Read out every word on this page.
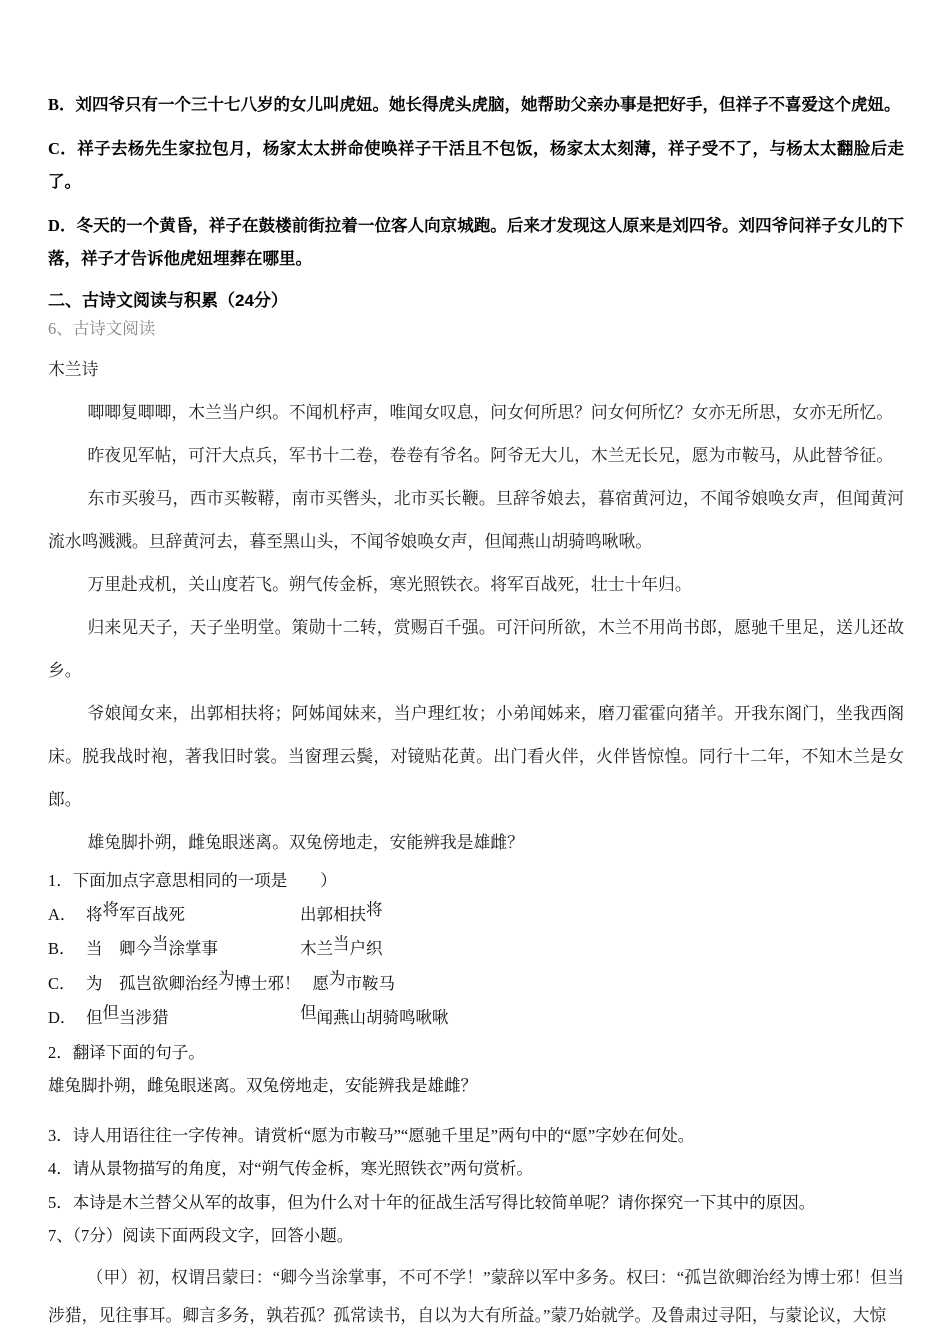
B．刘四爷只有一个三十七八岁的女儿叫虎妞。她长得虎头虎脑，她帮助父亲办事是把好手，但祥子不喜爱这个虎妞。

C．祥子去杨先生家拉包月，杨家太太拼命使唤祥子干活且不包饭，杨家太太刻薄，祥子受不了，与杨太太翻脸后走了。

D．冬天的一个黄昏，祥子在鼓楼前街拉着一位客人向京城跑。后来才发现这人原来是刘四爷。刘四爷问祥子女儿的下落，祥子才告诉他虎妞埋葬在哪里。

二、古诗文阅读与积累（24分）

6、古诗文阅读

木兰诗

唧唧复唧唧，木兰当户织。不闻机杼声，唯闻女叹息，问女何所思？问女何所忆？女亦无所思，女亦无所忆。

昨夜见军帖，可汗大点兵，军书十二卷，卷卷有爷名。阿爷无大儿，木兰无长兄，愿为市鞍马，从此替爷征。

东市买骏马，西市买鞍鞯，南市买辔头，北市买长鞭。旦辞爷娘去，暮宿黄河边，不闻爷娘唤女声，但闻黄河流水鸣溅溅。旦辞黄河去，暮至黑山头，不闻爷娘唤女声，但闻燕山胡骑鸣啾啾。

万里赴戎机，关山度若飞。朔气传金柝，寒光照铁衣。将军百战死，壮士十年归。

归来见天子，天子坐明堂。策勋十二转，赏赐百千强。可汗问所欲，木兰不用尚书郎，愿驰千里足，送儿还故乡。

爷娘闻女来，出郭相扶将；阿姊闻妹来，当户理红妆；小弟闻姊来，磨刀霍霍向猪羊。开我东阁门，坐我西阁床。脱我战时袍，著我旧时裳。当窗理云鬓，对镜贴花黄。出门看火伴，火伴皆惊惶。同行十二年，不知木兰是女郎。

雄兔脚扑朔，雌兔眼迷离。双兔傍地走，安能辨我是雄雌？

1．下面加点字意思相同的一项是　　）

A． 将将军百战死	出郭相扶将
B． 当　卿今当涂掌事	木兰当户织
C． 为　孤岂欲卿治经为博士邪！ 愿为市鞍马
D． 但但当涉猎	但闻燕山胡骑鸣啾啾

2．翻译下面的句子。

雄兔脚扑朔，雌兔眼迷离。双兔傍地走，安能辨我是雄雌？

3．诗人用语往往一字传神。请赏析“愿为市鞍马”“愿驰千里足”两句中的“愿”字妙在何处。

4．请从景物描写的角度，对“朔气传金柝，寒光照铁衣”两句赏析。

5．本诗是木兰替父从军的故事，但为什么对十年的征战生活写得比较简单呢？请你探究一下其中的原因。

7、（7分）阅读下面两段文字，回答小题。

（甲）初，权谓吕蒙曰：“卿今当涂掌事，不可不学！”蒙辞以军中多务。权曰：“孤岂欲卿治经为博士邪！但当涉猎，见往事耳。卿言多务，孰若孤？孤常读书，自以为大有所益。”蒙乃始就学。及鲁肃过寻阳，与蒙论议，大惊
